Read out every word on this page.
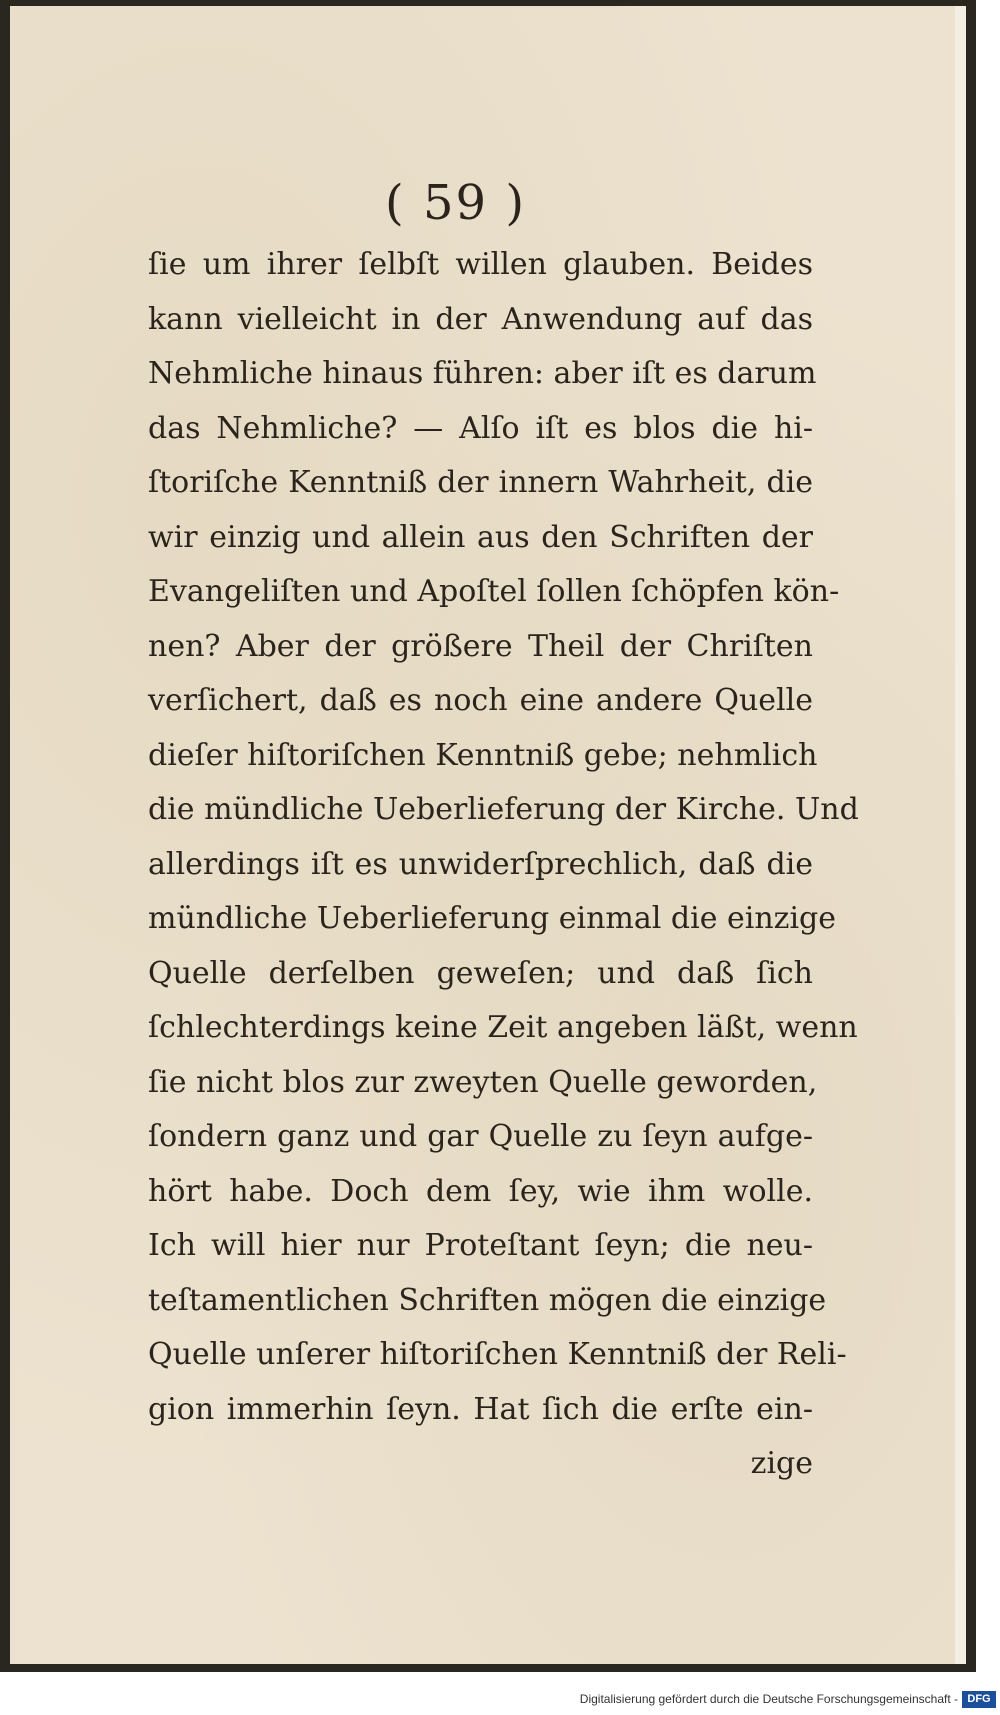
( 59 )
ſie um ihrer ſelbſt willen glauben. Beides
kann vielleicht in der Anwendung auf das
Nehmliche hinaus führen: aber iſt es darum
das Nehmliche? — Alſo iſt es blos die hi-
ſtoriſche Kenntniß der innern Wahrheit, die
wir einzig und allein aus den Schriften der
Evangeliſten und Apoſtel ſollen ſchöpfen kön-
nen? Aber der größere Theil der Chriſten
verſichert, daß es noch eine andere Quelle
dieſer hiſtoriſchen Kenntniß gebe; nehmlich
die mündliche Ueberlieferung der Kirche. Und
allerdings iſt es unwiderſprechlich, daß die
mündliche Ueberlieferung einmal die einzige
Quelle derſelben geweſen; und daß ſich
ſchlechterdings keine Zeit angeben läßt, wenn
ſie nicht blos zur zweyten Quelle geworden,
ſondern ganz und gar Quelle zu ſeyn aufge-
hört habe. Doch dem ſey, wie ihm wolle.
Ich will hier nur Proteſtant ſeyn; die neu-
teſtamentlichen Schriften mögen die einzige
Quelle unſerer hiſtoriſchen Kenntniß der Reli-
gion immerhin ſeyn. Hat ſich die erſte ein-
zige
Digitalisierung gefördert durch die Deutsche Forschungsgemeinschaft - DFG
